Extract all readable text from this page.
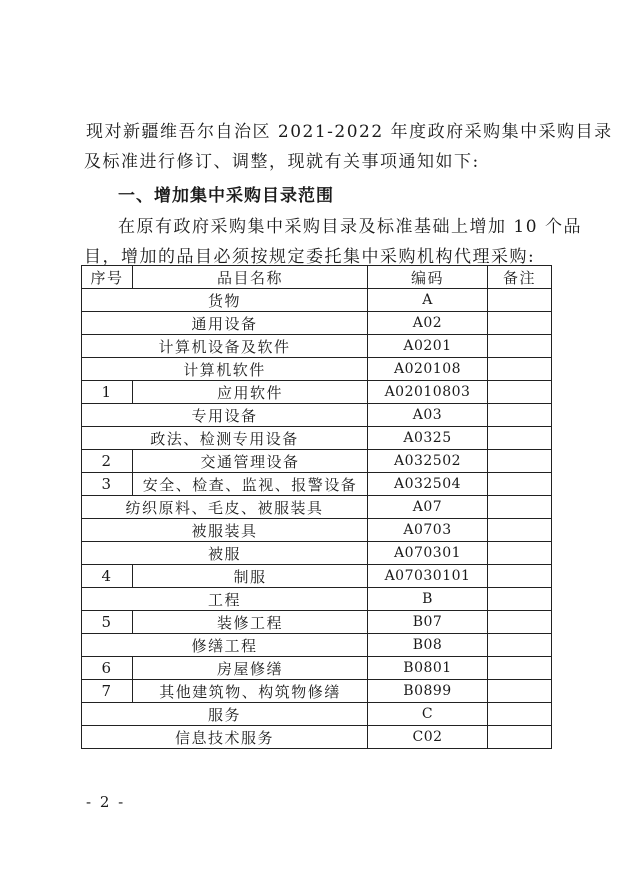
现对新疆维吾尔自治区 2021-2022 年度政府采购集中采购目录

及标准进行修订、调整，现就有关事项通知如下:

一、增加集中采购目录范围

在原有政府采购集中采购目录及标准基础上增加 10 个品

目，增加的品目必须按规定委托集中采购机构代理采购:

序号	品目名称	编码	备注
货物		A	
通用设备		A02	
计算机设备及软件		A0201	
计算机软件		A020108	
1	应用软件	A02010803	
专用设备		A03	
政法、检测专用设备		A0325	
2	交通管理设备	A032502	
3	安全、检查、监视、报警设备	A032504	
纺织原料、毛皮、被服装具		A07	
被服装具		A0703	
被服		A070301	
4	制服	A07030101	
工程		B	
5	装修工程	B07	
修缮工程		B08	
6	房屋修缮	B0801	
7	其他建筑物、构筑物修缮	B0899	
服务		C	
信息技术服务		C02	
- 2 -
